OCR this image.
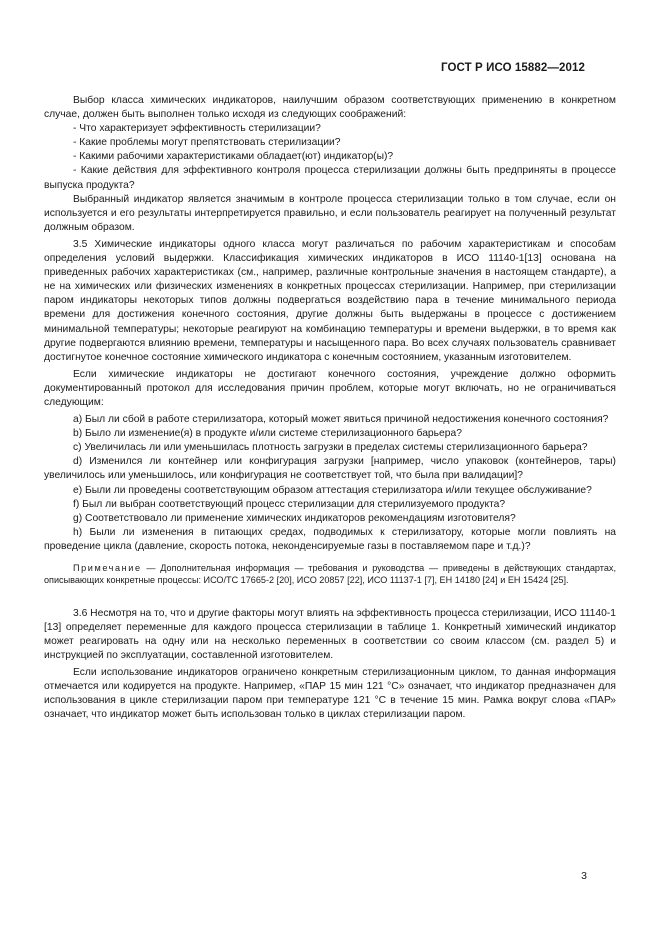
ГОСТ Р ИСО 15882—2012

Выбор класса химических индикаторов, наилучшим образом соответствующих применению в конкретном случае, должен быть выполнен только исходя из следующих соображений:

- Что характеризует эффективность стерилизации?

- Какие проблемы могут препятствовать стерилизации?

- Какими рабочими характеристиками обладает(ют) индикатор(ы)?

- Какие действия для эффективного контроля процесса стерилизации должны быть предприняты в процессе выпуска продукта?

Выбранный индикатор является значимым в контроле процесса стерилизации только в том случае, если он используется и его результаты интерпретируется правильно, и если пользователь реагирует на полученный результат должным образом.

3.5 Химические индикаторы одного класса могут различаться по рабочим характеристикам и способам определения условий выдержки. Классификация химических индикаторов в ИСО 11140-1[13] основана на приведенных рабочих характеристиках (см., например, различные контрольные значения в настоящем стандарте), а не на химических или физических изменениях в конкретных процессах стерилизации. Например, при стерилизации паром индикаторы некоторых типов должны подвергаться воздействию пара в течение минимального периода времени для достижения конечного состояния, другие должны быть выдержаны в процессе с достижением минимальной температуры; некоторые реагируют на комбинацию температуры и времени выдержки, в то время как другие подвергаются влиянию времени, температуры и насыщенного пара. Во всех случаях пользователь сравнивает достигнутое конечное состояние химического индикатора с конечным состоянием, указанным изготовителем.

Если химические индикаторы не достигают конечного состояния, учреждение должно оформить документированный протокол для исследования причин проблем, которые могут включать, но не ограничиваться следующим:

а) Был ли сбой в работе стерилизатора, который может явиться причиной недостижения конечного состояния?

b) Было ли изменение(я) в продукте и/или системе стерилизационного барьера?

c) Увеличилась ли или уменьшилась плотность загрузки в пределах системы стерилизационного барьера?

d) Изменился ли контейнер или конфигурация загрузки [например, число упаковок (контейнеров, тары) увеличилось или уменьшилось, или конфигурация не соответствует той, что была при валидации]?

e) Были ли проведены соответствующим образом аттестация стерилизатора и/или текущее обслуживание?

f) Был ли выбран соответствующий процесс стерилизации для стерилизуемого продукта?

g) Соответствовало ли применение химических индикаторов рекомендациям изготовителя?

h) Были ли изменения в питающих средах, подводимых к стерилизатору, которые могли повлиять на проведение цикла (давление, скорость потока, неконденсируемые газы в поставляемом паре и т.д.)?

Примечание — Дополнительная информация — требования и руководства — приведены в действующих стандартах, описывающих конкретные процессы: ИСО/ТС 17665-2 [20], ИСО 20857 [22], ИСО 11137-1 [7], ЕН 14180 [24] и ЕН 15424 [25].

3.6 Несмотря на то, что и другие факторы могут влиять на эффективность процесса стерилизации, ИСО 11140-1 [13] определяет переменные для каждого процесса стерилизации в таблице 1. Конкретный химический индикатор может реагировать на одну или на несколько переменных в соответствии со своим классом (см. раздел 5) и инструкцией по эксплуатации, составленной изготовителем.

Если использование индикаторов ограничено конкретным стерилизационным циклом, то данная информация отмечается или кодируется на продукте. Например, «ПАР 15 мин 121 °С» означает, что индикатор предназначен для использования в цикле стерилизации паром при температуре 121 °С в течение 15 мин. Рамка вокруг слова «ПАР» означает, что индикатор может быть использован только в циклах стерилизации паром.

3
